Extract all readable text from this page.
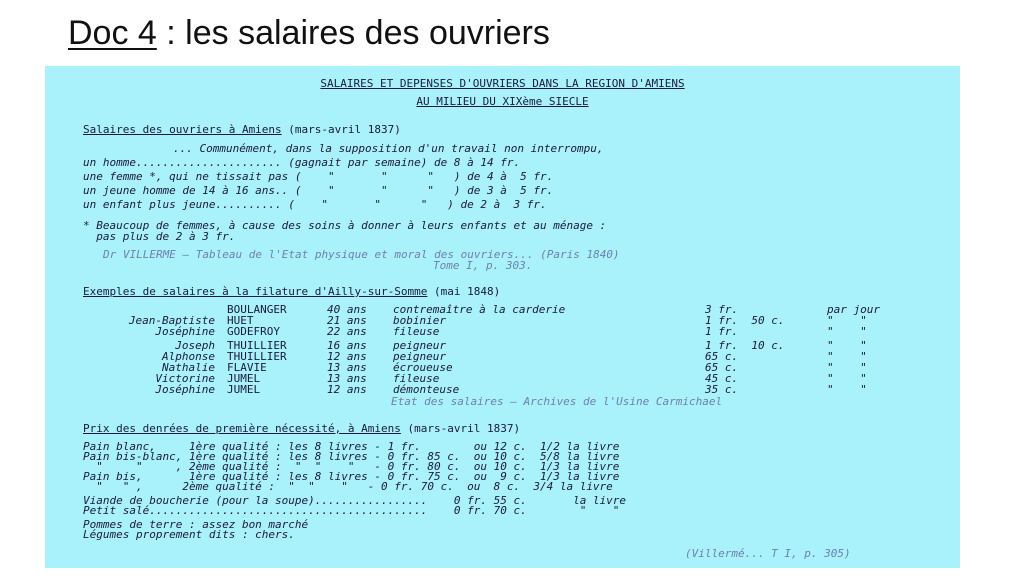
Doc 4 : les salaires des ouvriers
SALAIRES ET DEPENSES D'OUVRIERS DANS LA REGION D'AMIENS
AU MILIEU DU XIXème SIECLE
Salaires des ouvriers à Amiens (mars-avril 1837)
... Communément, dans la supposition d'un travail non interrompu,
un homme...................... (gagnait par semaine) de 8 à 14 fr.
une femme *, qui ne tissait pas (    "       "      "   ) de 4 à  5 fr.
un jeune homme de 14 à 16 ans.. (    "       "      "   ) de 3 à  5 fr.
un enfant plus jeune.......... (    "       "      "   ) de 2 à  3 fr.
* Beaucoup de femmes, à cause des soins à donner à leurs enfants et au ménage :
pas plus de 2 à 3 fr.
Dr VILLERME — Tableau de l'Etat physique et moral des ouvriers... (Paris 1840)
Tome I, p. 303.
Exemples de salaires à la filature d'Ailly-sur-Somme (mai 1848)
BOULANGER	40 ans	contremaître à la carderie	3 fr.	par jour
Jean-Baptiste HUET	21 ans	bobinier	1 fr.  50 c.	"    "
Joséphine GODEFROY	22 ans	fileuse	1 fr.	"    "
Joseph THUILLIER	16 ans	peigneur	1 fr.  10 c.	"    "
Alphonse THUILLIER	12 ans	peigneur	65 c.	"    "
Nathalie FLAVIE	13 ans	écroueuse	65 c.	"    "
Victorine JUMEL	13 ans	fileuse	45 c.	"    "
Joséphine JUMEL	12 ans	démonteuse	35 c.	"    "
Etat des salaires — Archives de l'Usine Carmichael
Prix des denrées de première nécessité, à Amiens (mars-avril 1837)
Pain blanc,     1ère qualité : les 8 livres - 1 fr.        ou 12 c.  1/2 la livre
Pain bis-blanc, 1ère qualité : les 8 livres - 0 fr. 85 c.  ou 10 c.  5/8 la livre
"     "     , 2ème qualité :  "  "    "   - 0 fr. 80 c.  ou 10 c.  1/3 la livre
Pain bis,       1ère qualité : les 8 livres - 0 fr. 75 c.  ou  9 c.  1/3 la livre
"   " ,      2ème qualité :  "  "    "   - 0 fr. 70 c.  ou  8 c.  3/4 la livre
Viande de boucherie (pour la soupe).................    0 fr. 55 c.       la livre
Petit salé..........................................    0 fr. 70 c.        "    "
Pommes de terre : assez bon marché
Légumes proprement dits : chers.
(Villermé... T I, p. 305)
